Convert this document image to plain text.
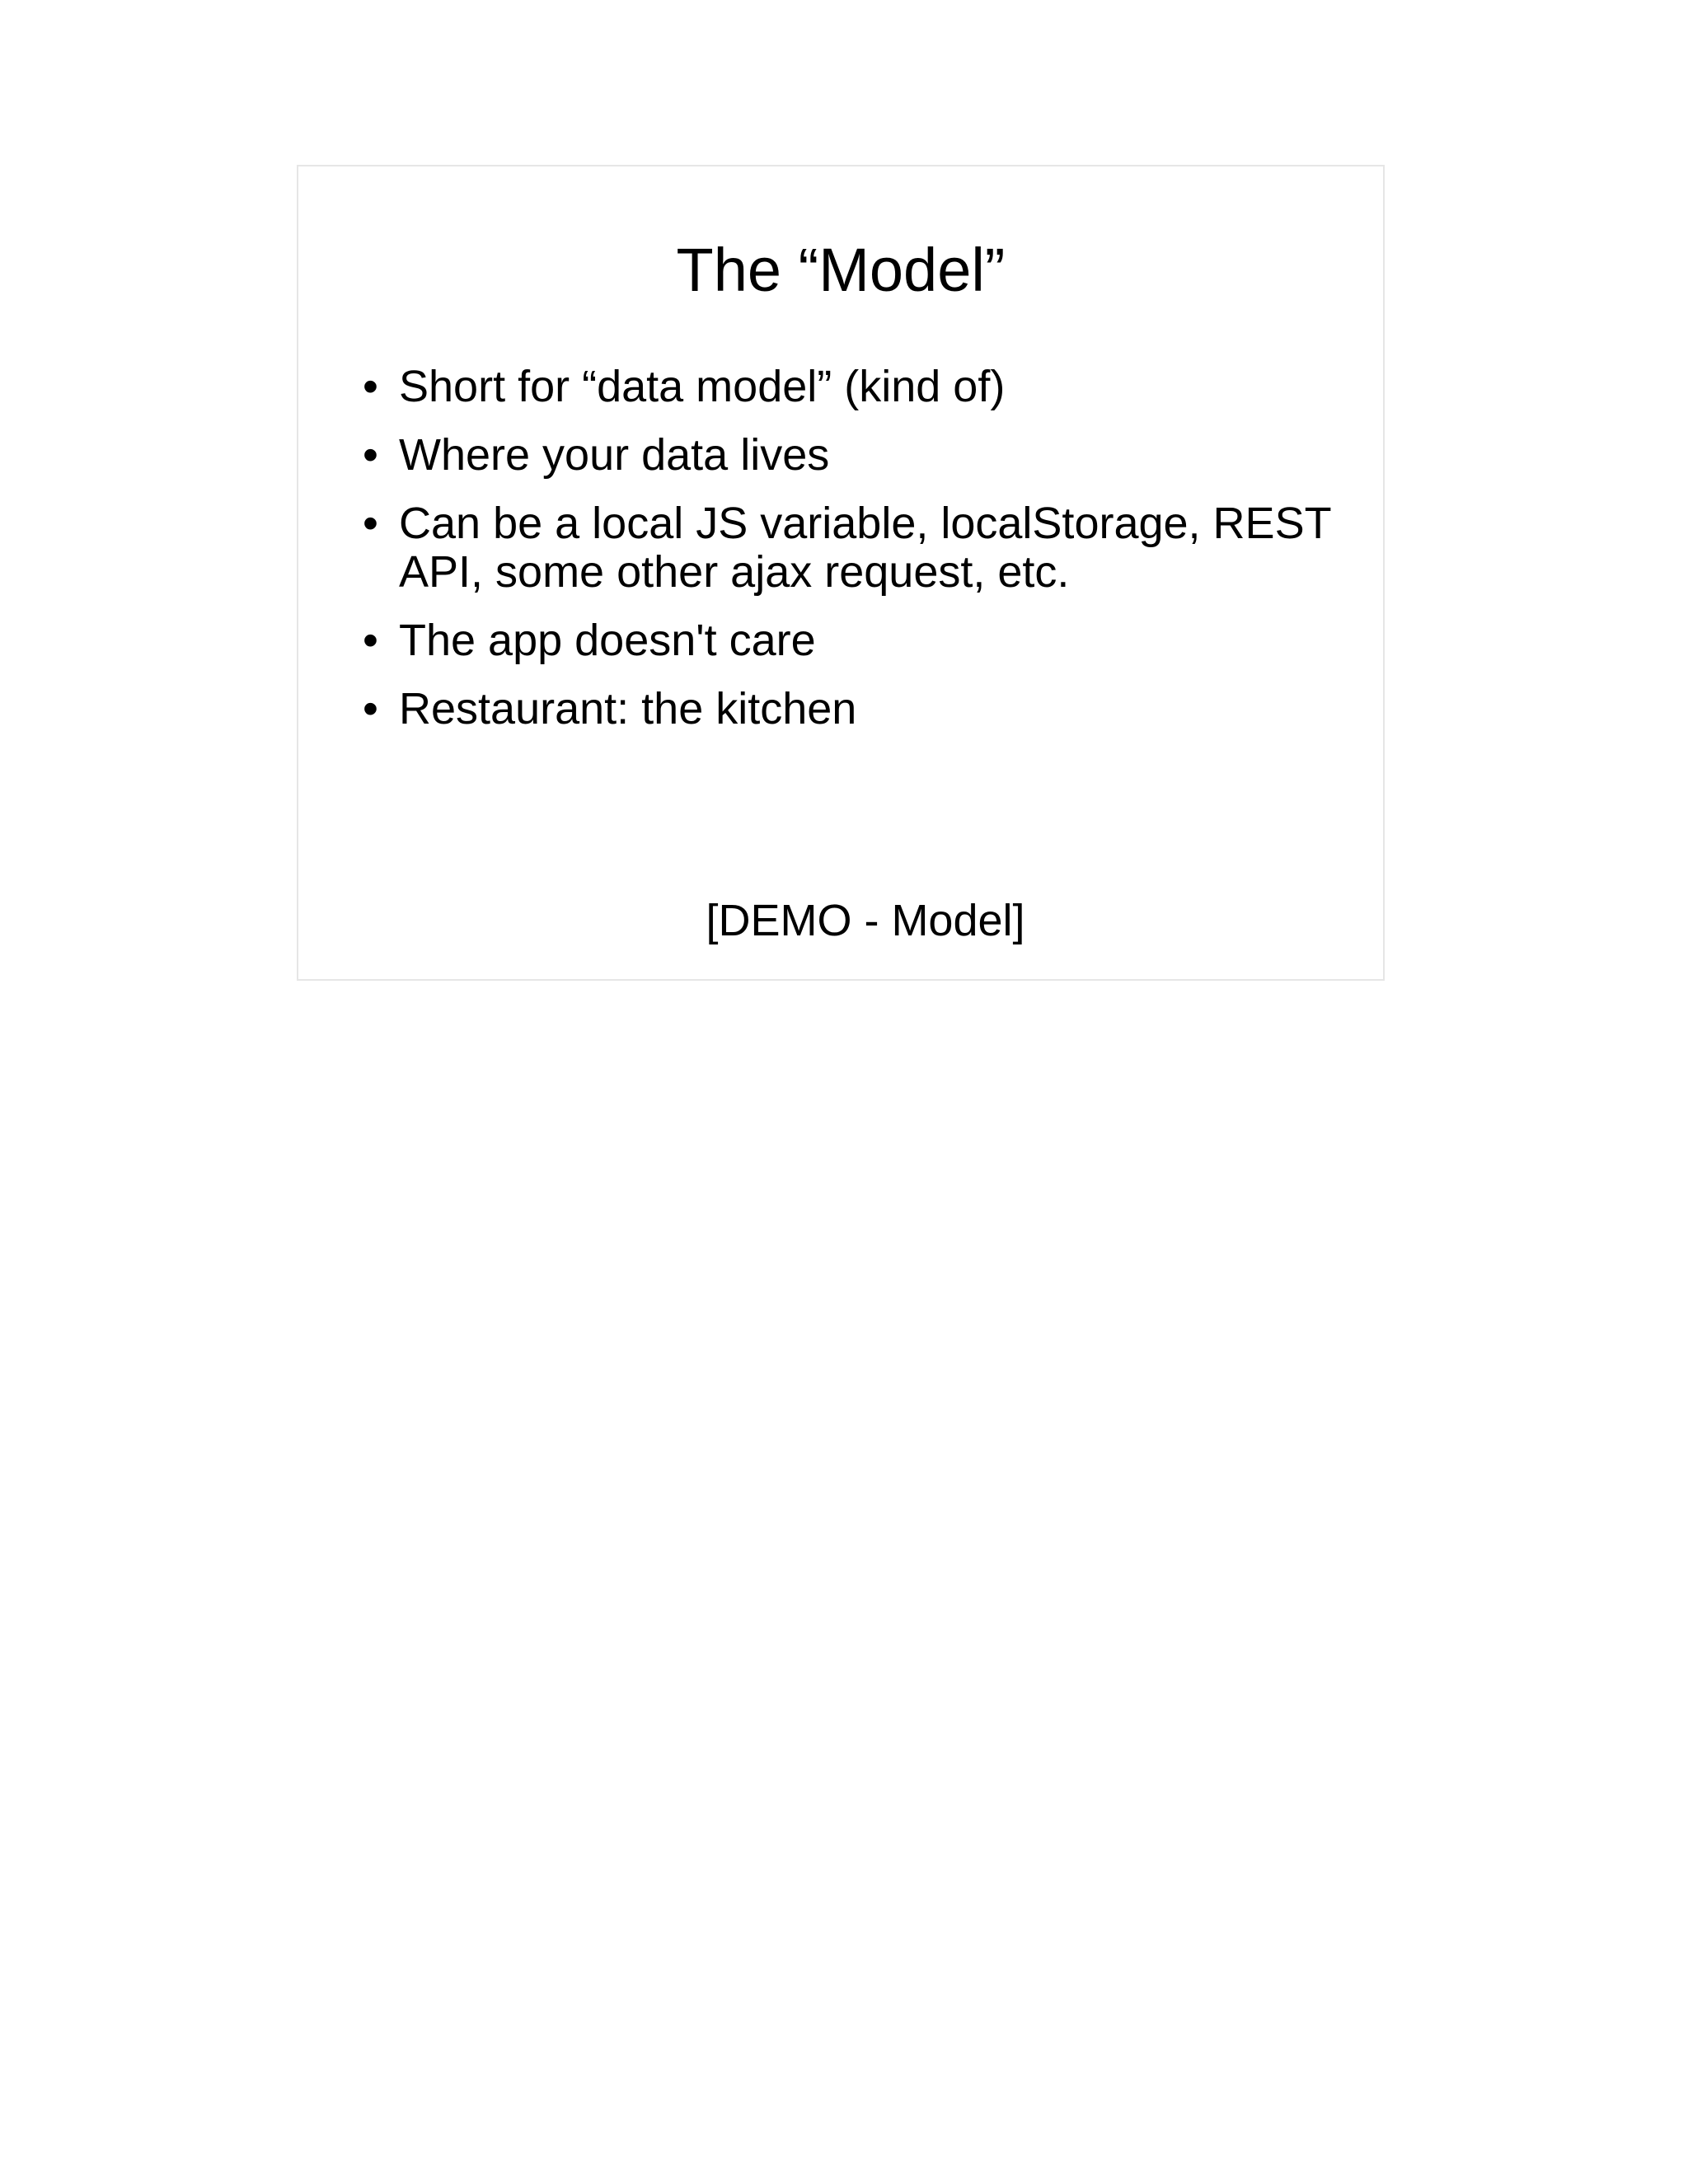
The “Model”
• Short for “data model” (kind of)
• Where your data lives
• Can be a local JS variable, localStorage, REST API, some other ajax request, etc.
• The app doesn't care
• Restaurant: the kitchen
[DEMO - Model]
